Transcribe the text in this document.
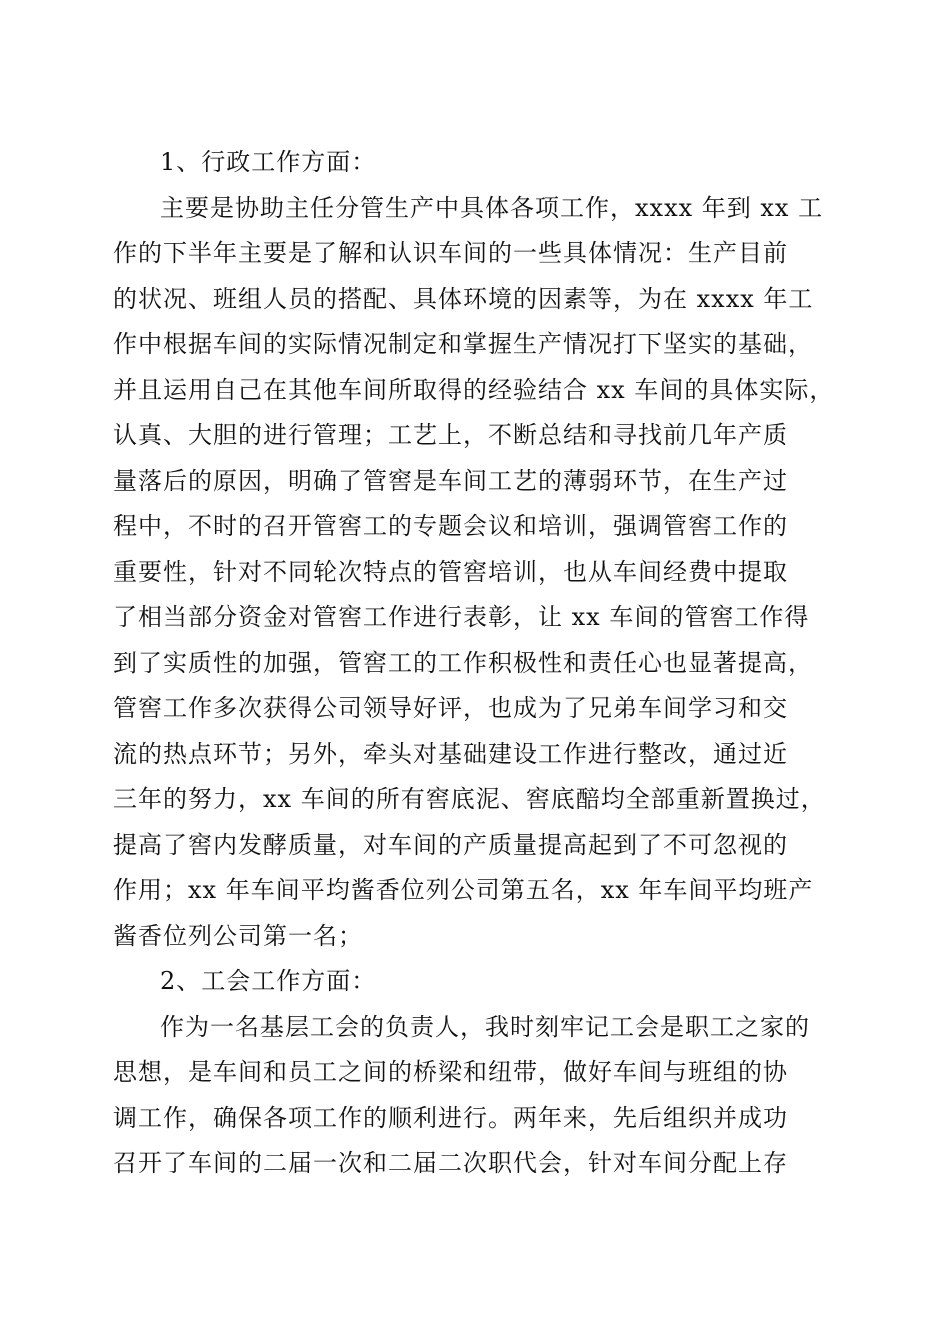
1、行政工作方面：
主要是协助主任分管生产中具体各项工作，xxxx 年到 xx 工
作的下半年主要是了解和认识车间的一些具体情况：生产目前
的状况、班组人员的搭配、具体环境的因素等，为在 xxxx 年工
作中根据车间的实际情况制定和掌握生产情况打下坚实的基础，
并且运用自己在其他车间所取得的经验结合 xx 车间的具体实际，
认真、大胆的进行管理；工艺上，不断总结和寻找前几年产质
量落后的原因，明确了管窖是车间工艺的薄弱环节，在生产过
程中，不时的召开管窖工的专题会议和培训，强调管窖工作的
重要性，针对不同轮次特点的管窖培训，也从车间经费中提取
了相当部分资金对管窖工作进行表彰，让 xx 车间的管窖工作得
到了实质性的加强，管窖工的工作积极性和责任心也显著提高，
管窖工作多次获得公司领导好评，也成为了兄弟车间学习和交
流的热点环节；另外，牵头对基础建设工作进行整改，通过近
三年的努力，xx 车间的所有窖底泥、窖底醅均全部重新置换过，
提高了窖内发酵质量，对车间的产质量提高起到了不可忽视的
作用；xx 年车间平均酱香位列公司第五名，xx 年车间平均班产
酱香位列公司第一名；
2、工会工作方面：
作为一名基层工会的负责人，我时刻牢记工会是职工之家的
思想，是车间和员工之间的桥梁和纽带，做好车间与班组的协
调工作，确保各项工作的顺利进行。两年来，先后组织并成功
召开了车间的二届一次和二届二次职代会，针对车间分配上存
